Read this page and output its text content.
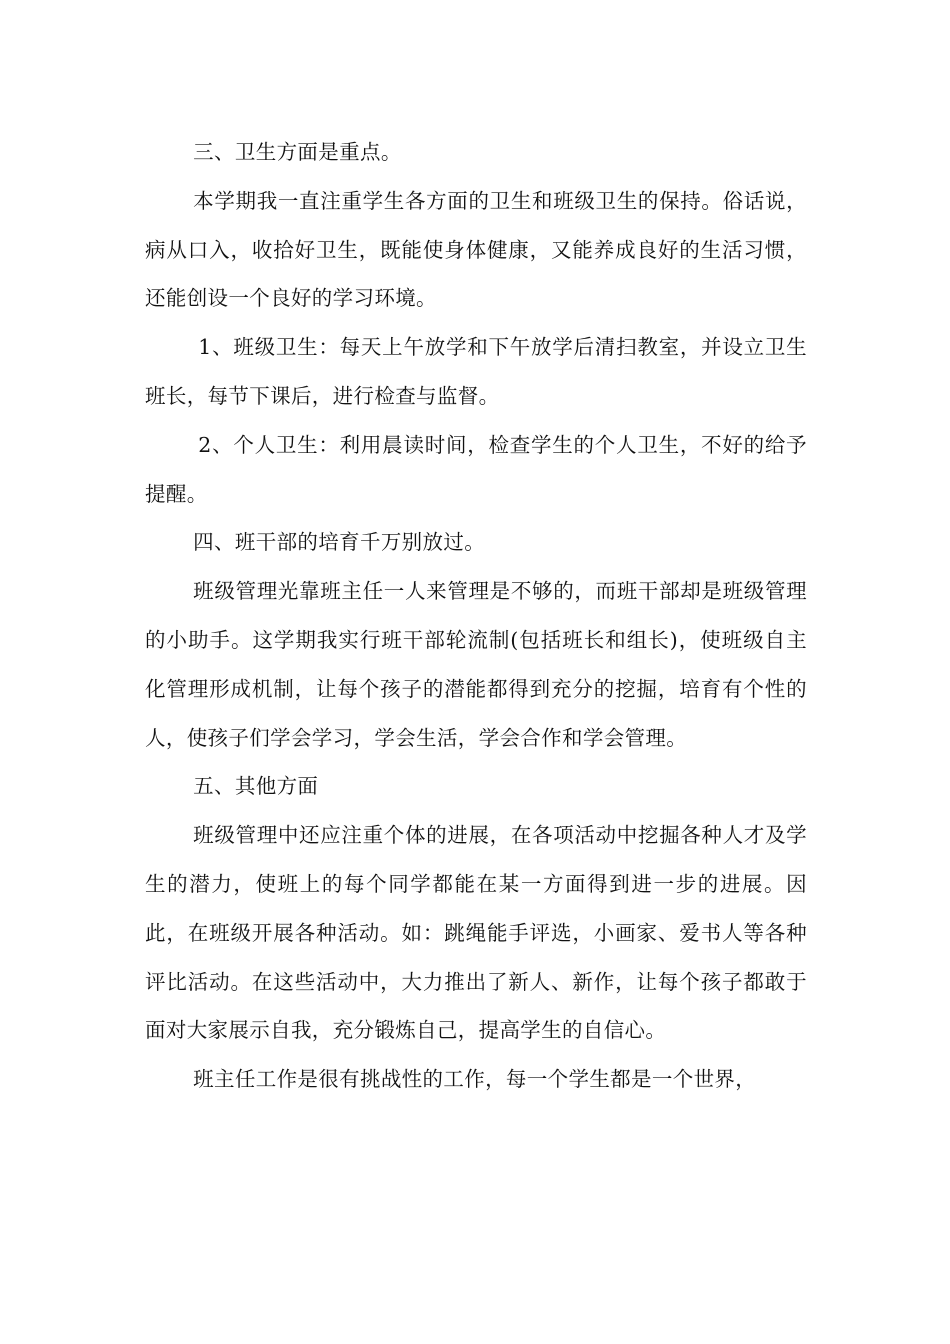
三、卫生方面是重点。

本学期我一直注重学生各方面的卫生和班级卫生的保持。俗话说，病从口入，收拾好卫生，既能使身体健康，又能养成良好的生活习惯，还能创设一个良好的学习环境。

1、班级卫生：每天上午放学和下午放学后清扫教室，并设立卫生班长，每节下课后，进行检查与监督。

2、个人卫生：利用晨读时间，检查学生的个人卫生，不好的给予提醒。

四、班干部的培育千万别放过。

班级管理光靠班主任一人来管理是不够的，而班干部却是班级管理的小助手。这学期我实行班干部轮流制(包括班长和组长)，使班级自主化管理形成机制，让每个孩子的潜能都得到充分的挖掘，培育有个性的人，使孩子们学会学习，学会生活，学会合作和学会管理。

五、其他方面

班级管理中还应注重个体的进展，在各项活动中挖掘各种人才及学生的潜力，使班上的每个同学都能在某一方面得到进一步的进展。因此，在班级开展各种活动。如：跳绳能手评选，小画家、爱书人等各种评比活动。在这些活动中，大力推出了新人、新作，让每个孩子都敢于面对大家展示自我，充分锻炼自己，提高学生的自信心。

班主任工作是很有挑战性的工作，每一个学生都是一个世界，
